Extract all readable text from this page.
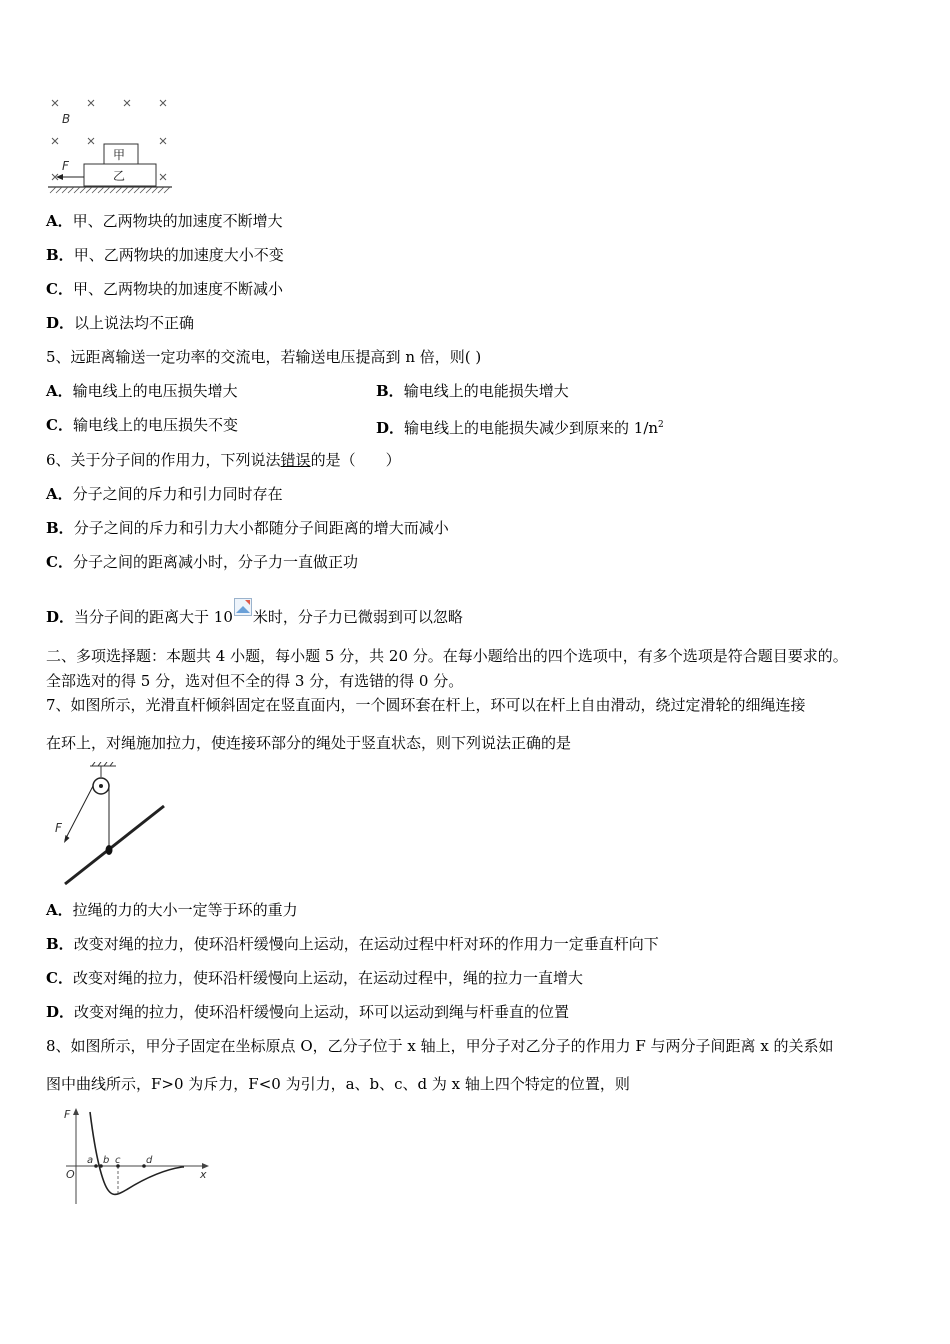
B
甲
乙
F
A．甲、乙两物块的加速度不断增大
B．甲、乙两物块的加速度大小不变
C．甲、乙两物块的加速度不断减小
D．以上说法均不正确
5、远距离输送一定功率的交流电，若输送电压提高到 n 倍，则( )
A．输电线上的电压损失增大	B．输电线上的电能损失增大
C．输电线上的电压损失不变	D．输电线上的电能损失减少到原来的 $1/n^2$
6、关于分子间的作用力，下列说法错误的是（　　）
A．分子之间的斥力和引力同时存在
B．分子之间的斥力和引力大小都随分子间距离的增大而减小
C．分子之间的距离减小时，分子力一直做正功
D．当分子间的距离大于 10 米时，分子力已微弱到可以忽略
二、多项选择题：本题共 4 小题，每小题 5 分，共 20 分。在每小题给出的四个选项中，有多个选项是符合题目要求的。
全部选对的得 5 分，选对但不全的得 3 分，有选错的得 0 分。
7、如图所示，光滑直杆倾斜固定在竖直面内，一个圆环套在杆上，环可以在杆上自由滑动，绕过定滑轮的细绳连接
在环上，对绳施加拉力，使连接环部分的绳处于竖直状态，则下列说法正确的是
F
A．拉绳的力的大小一定等于环的重力
B．改变对绳的拉力，使环沿杆缓慢向上运动，在运动过程中杆对环的作用力一定垂直杆向下
C．改变对绳的拉力，使环沿杆缓慢向上运动，在运动过程中，绳的拉力一直增大
D．改变对绳的拉力，使环沿杆缓慢向上运动，环可以运动到绳与杆垂直的位置
8、如图所示，甲分子固定在坐标原点 O，乙分子位于 x 轴上，甲分子对乙分子的作用力 F 与两分子间距离 x 的关系如
图中曲线所示，F>0 为斥力，F<0 为引力，a、b、c、d 为 x 轴上四个特定的位置，则
F
O	x
a b c	d
